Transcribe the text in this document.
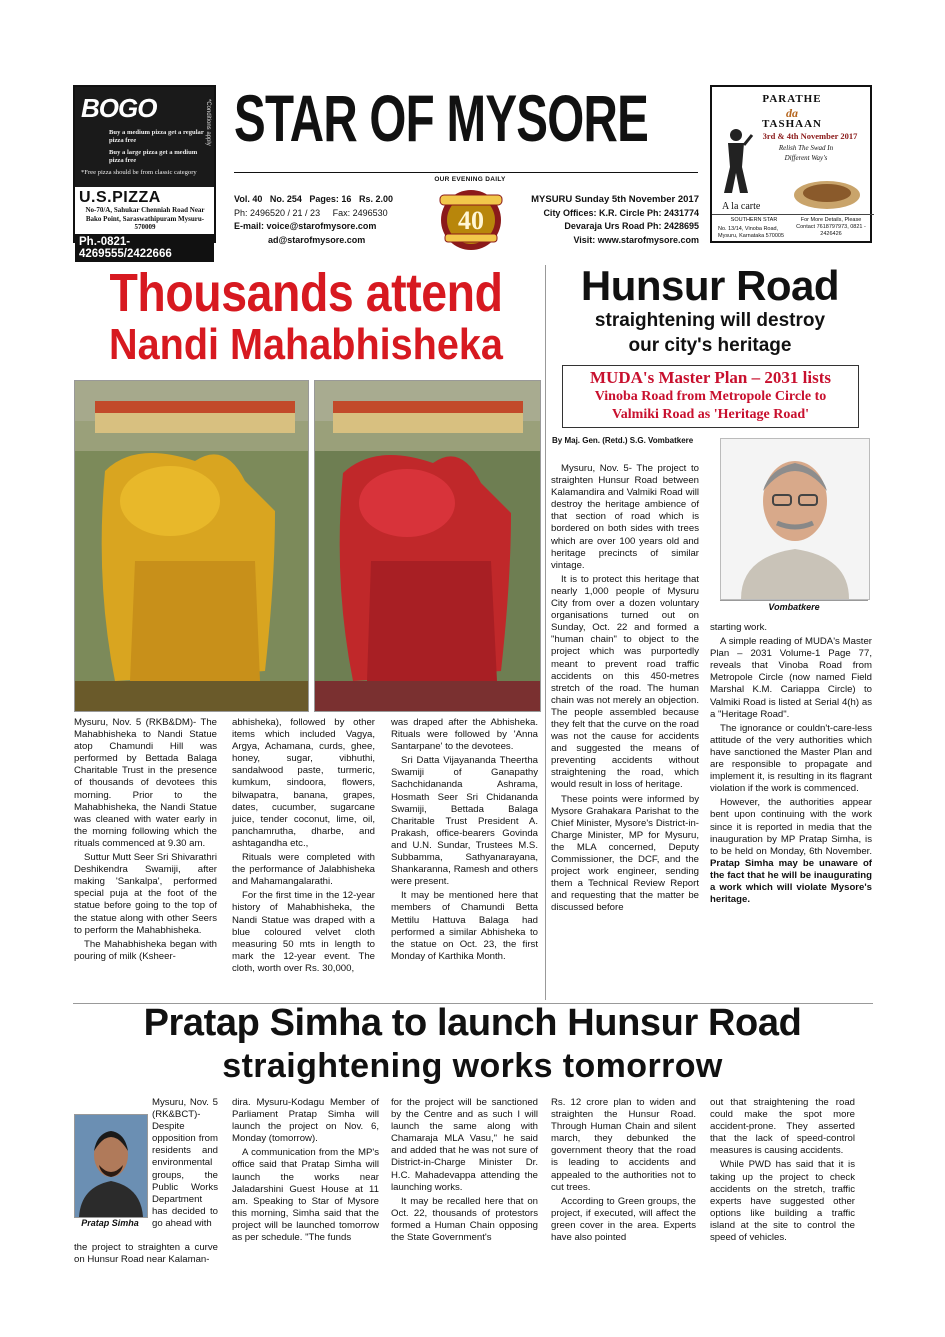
BOGO
Buy a medium pizza get a regular pizza free
Buy a large pizza get a medium pizza free
*Free pizza should be from classic category
*Conditions apply
U.S.PIZZA
No-70/A, Sahukar Chenniah Road Near Bako Point, Saraswathipuram Mysuru- 570009
Ph.-0821-4269555/2422666
STAR OF MYSORE
OUR EVENING DAILY
Vol. 40 No. 254 Pages: 16 Rs. 2.00
Ph: 2496520 / 21 / 23 Fax: 2496530
E-mail: voice@starofmysore.com
ad@starofmysore.com
40
MYSURU Sunday 5th November 2017
City Offices: K.R. Circle Ph: 2431774
Devaraja Urs Road Ph: 2428695
Visit: www.starofmysore.com
PARATHE
da
TASHAAN
3rd & 4th November 2017
Relish The Swad In Different Way's
A la carte
SOUTHERN STAR
No. 13/14, Vinoba Road, Mysuru, Karnataka 570005
For More Details, Please Contact 7618797973, 0821 - 2426426
Thousands attend
Nandi Mahabhisheka

Mysuru, Nov. 5 (RKB&DM)- The Mahabhisheka to Nandi Statue atop Chamundi Hill was performed by Bettada Balaga Charitable Trust in the presence of thousands of devotees this morning. Prior to the Mahabhisheka, the Nandi Statue was cleaned with water early in the morning following which the rituals commenced at 9.30 am.

Suttur Mutt Seer Sri Shivarathri Deshikendra Swamiji, after making 'Sankalpa', performed special puja at the foot of the statue before going to the top of the statue along with other Seers to perform the Mahabhisheka.

The Mahabhisheka began with pouring of milk (Ksheer-

abhisheka), followed by other items which included Vagya, Argya, Achamana, curds, ghee, honey, sugar, vibhuthi, sandalwood paste, turmeric, kumkum, sindoora, flowers, bilwapatra, banana, grapes, dates, cucumber, sugarcane juice, tender coconut, lime, oil, panchamrutha, dharbe, and ashtagandha etc.,

Rituals were completed with the performance of Jalabhisheka and Mahamangalarathi.

For the first time in the 12-year history of Mahabhisheka, the Nandi Statue was draped with a blue coloured velvet cloth measuring 50 mts in length to mark the 12-year event. The cloth, worth over Rs. 30,000,

was draped after the Abhisheka. Rituals were followed by 'Anna Santarpane' to the devotees.

Sri Datta Vijayananda Theertha Swamiji of Ganapathy Sachchidananda Ashrama, Hosmath Seer Sri Chidananda Swamiji, Bettada Balaga Charitable Trust President A. Prakash, office-bearers Govinda and U.N. Sundar, Trustees M.S. Subbamma, Sathyanarayana, Shankaranna, Ramesh and others were present.

It may be mentioned here that members of Chamundi Betta Mettilu Hattuva Balaga had performed a similar Abhisheka to the statue on Oct. 23, the first Monday of Karthika Month.

Hunsur Road
straightening will destroy
our city's heritage
MUDA's Master Plan – 2031 lists
Vinoba Road from Metropole Circle to
Valmiki Road as 'Heritage Road'
By Maj. Gen. (Retd.) S.G. Vombatkere
Vombatkere

Mysuru, Nov. 5- The project to straighten Hunsur Road between Kalamandira and Valmiki Road will destroy the heritage ambience of that section of road which is bordered on both sides with trees which are over 100 years old and heritage precincts of similar vintage.

It is to protect this heritage that nearly 1,000 people of Mysuru City from over a dozen voluntary organisations turned out on Sunday, Oct. 22 and formed a "human chain" to object to the project which was purportedly meant to prevent road traffic accidents on this 450-metres stretch of the road. The human chain was not merely an objection. The people assembled because they felt that the curve on the road was not the cause for accidents and suggested the means of preventing accidents without straightening the road, which would result in loss of heritage.

These points were informed by Mysore Grahakara Parishat to the Chief Minister, Mysore's District-in-Charge Minister, MP for Mysuru, the MLA concerned, Deputy Commissioner, the DCF, and the project work engineer, sending them a Technical Review Report and requesting that the matter be discussed before

starting work.

A simple reading of MUDA's Master Plan – 2031 Volume-1 Page 77, reveals that Vinoba Road from Metropole Circle (now named Field Marshal K.M. Cariappa Circle) to Valmiki Road is listed at Serial 4(h) as a "Heritage Road".

The ignorance or couldn't-care-less attitude of the very authorities which have sanctioned the Master Plan and are responsible to propagate and implement it, is resulting in its flagrant violation if the work is commenced.

However, the authorities appear bent upon continuing with the work since it is reported in media that the inauguration by MP Pratap Simha, is to be held on Monday, 6th November. Pratap Simha may be unaware of the fact that he will be inaugurating a work which will violate Mysore's heritage.

Pratap Simha to launch Hunsur Road
straightening works tomorrow
Pratap Simha
Mysuru, Nov. 5 (RK&BCT)- Despite opposition from residents and environmental groups, the Public Works Department has decided to go ahead with
the project to straighten a curve on Hunsur Road near Kalaman-

dira. Mysuru-Kodagu Member of Parliament Pratap Simha will launch the project on Nov. 6, Monday (tomorrow).

A communication from the MP's office said that Pratap Simha will launch the works near Jaladarshini Guest House at 11 am. Speaking to Star of Mysore this morning, Simha said that the project will be launched tomorrow as per schedule. "The funds

for the project will be sanctioned by the Centre and as such I will launch the same along with Chamaraja MLA Vasu," he said and added that he was not sure of District-in-Charge Minister Dr. H.C. Mahadevappa attending the launching works.

It may be recalled here that on Oct. 22, thousands of protestors formed a Human Chain opposing the State Government's

Rs. 12 crore plan to widen and straighten the Hunsur Road. Through Human Chain and silent march, they debunked the government theory that the road is leading to accidents and appealed to the authorities not to cut trees.

According to Green groups, the project, if executed, will affect the green cover in the area. Experts have also pointed

out that straightening the road could make the spot more accident-prone. They asserted that the lack of speed-control measures is causing accidents.

While PWD has said that it is taking up the project to check accidents on the stretch, traffic experts have suggested other options like building a traffic island at the site to control the speed of vehicles.
